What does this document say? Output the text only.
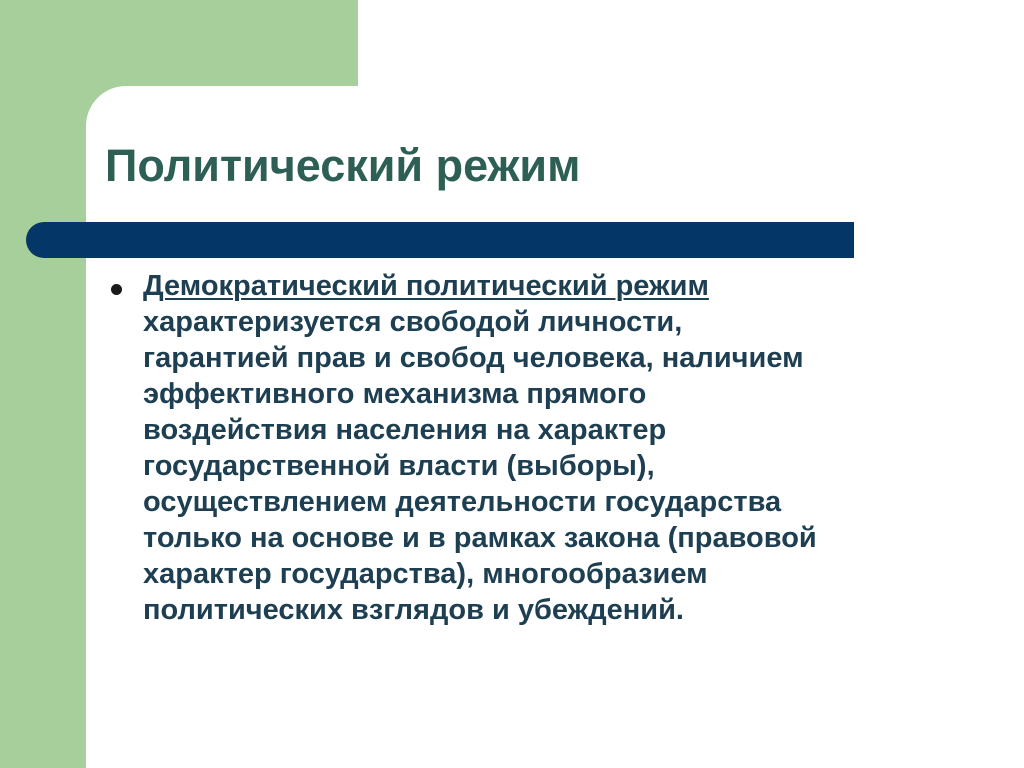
Политический режим

Демократический политический режим
характеризуется свободой личности,
гарантией прав и свобод человека, наличием
эффективного механизма прямого
воздействия населения на характер
государственной власти (выборы),
осуществлением деятельности государства
только на основе и в рамках закона (правовой
характер государства), многообразием
политических взглядов и убеждений.
